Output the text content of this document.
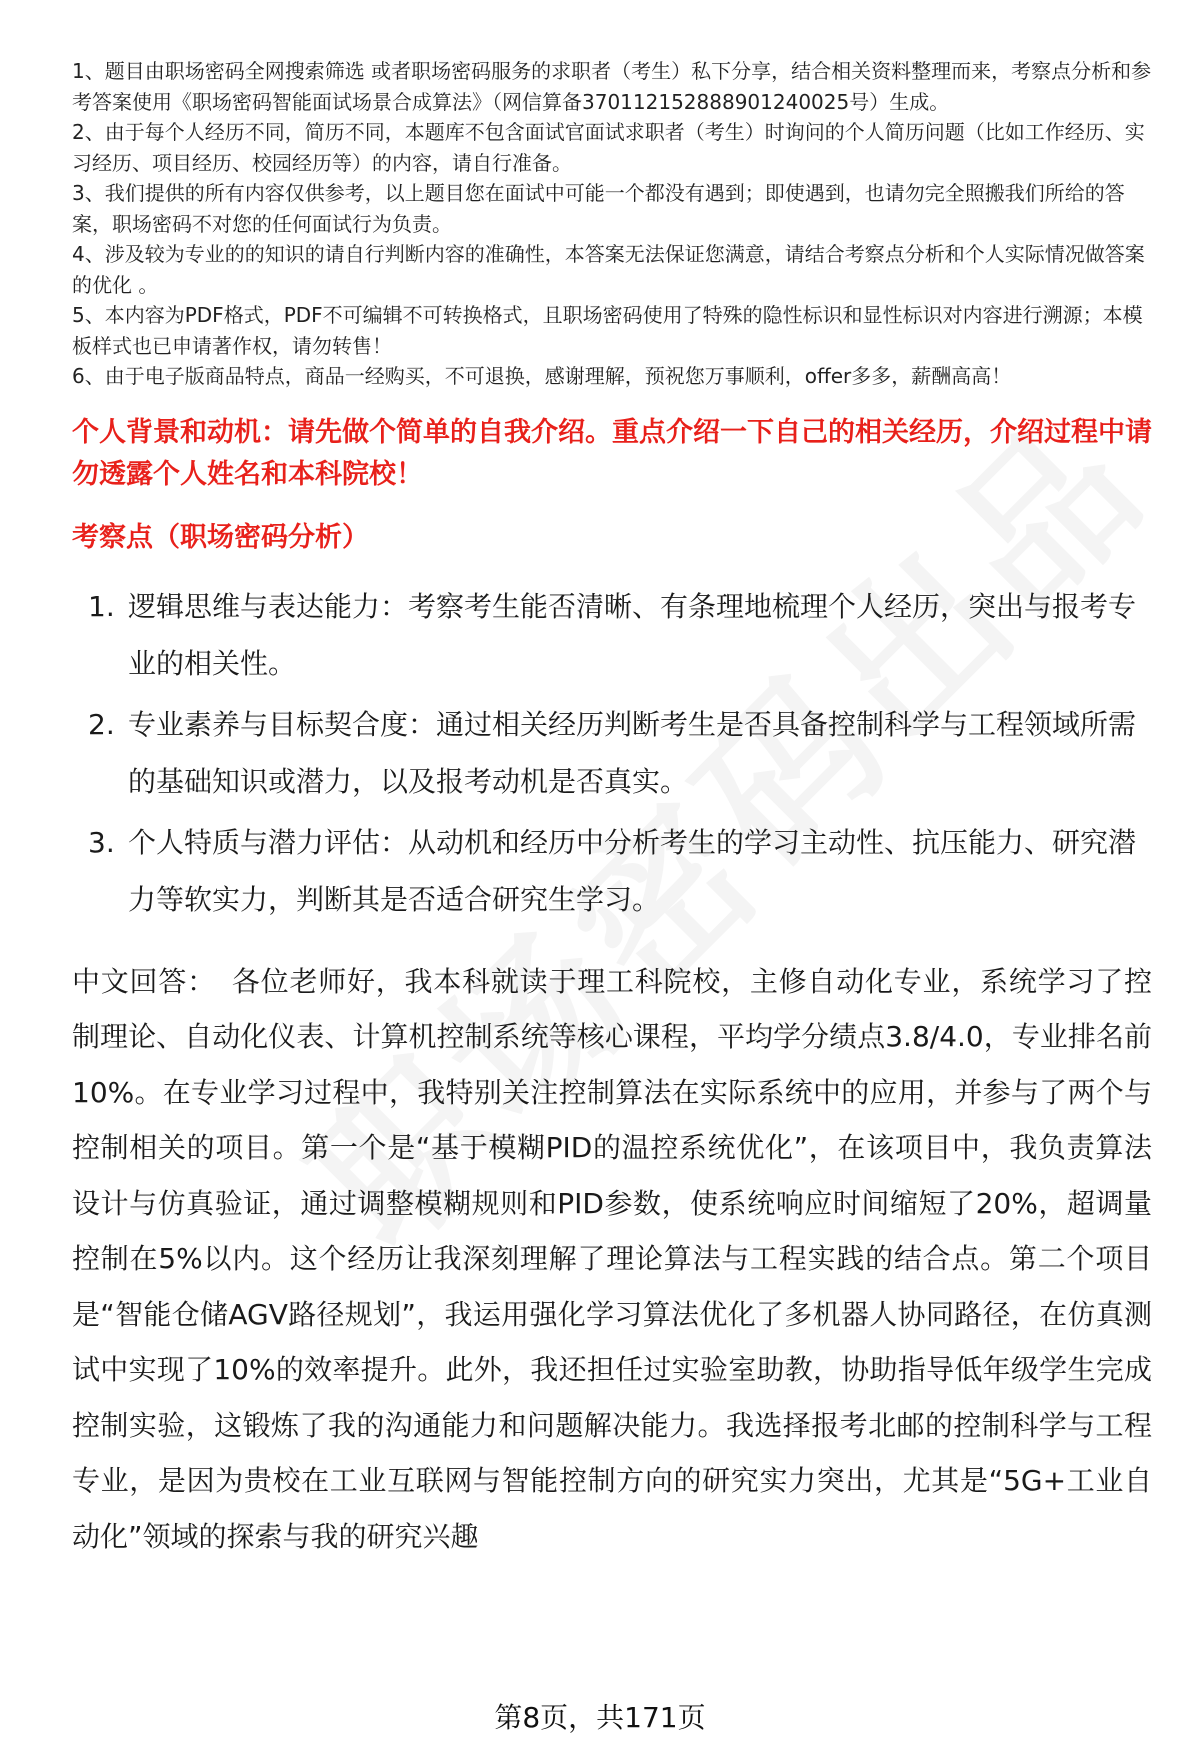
1、题目由职场密码全网搜索筛选 或者职场密码服务的求职者（考生）私下分享，结合相关资料整理而来，考察点分析和参考答案使用《职场密码智能面试场景合成算法》（网信算备370112152888901240025号）生成。
2、由于每个人经历不同，简历不同，本题库不包含面试官面试求职者（考生）时询问的个人简历问题（比如工作经历、实习经历、项目经历、校园经历等）的内容，请自行准备。
3、我们提供的所有内容仅供参考，以上题目您在面试中可能一个都没有遇到；即使遇到，也请勿完全照搬我们所给的答案，职场密码不对您的任何面试行为负责。
4、涉及较为专业的的知识的请自行判断内容的准确性，本答案无法保证您满意，请结合考察点分析和个人实际情况做答案的优化 。
5、本内容为PDF格式，PDF不可编辑不可转换格式，且职场密码使用了特殊的隐性标识和显性标识对内容进行溯源；本模板样式也已申请著作权，请勿转售！
6、由于电子版商品特点，商品一经购买，不可退换，感谢理解，预祝您万事顺利，offer多多，薪酬高高！
个人背景和动机：请先做个简单的自我介绍。重点介绍一下自己的相关经历，介绍过程中请勿透露个人姓名和本科院校！
考察点（职场密码分析）
1. 逻辑思维与表达能力：考察考生能否清晰、有条理地梳理个人经历，突出与报考专业的相关性。
2. 专业素养与目标契合度：通过相关经历判断考生是否具备控制科学与工程领域所需的基础知识或潜力，以及报考动机是否真实。
3. 个人特质与潜力评估：从动机和经历中分析考生的学习主动性、抗压能力、研究潜力等软实力，判断其是否适合研究生学习。
中文回答： 各位老师好，我本科就读于理工科院校，主修自动化专业，系统学习了控制理论、自动化仪表、计算机控制系统等核心课程，平均学分绩点3.8/4.0，专业排名前10%。在专业学习过程中，我特别关注控制算法在实际系统中的应用，并参与了两个与控制相关的项目。第一个是“基于模糊PID的温控系统优化”，在该项目中，我负责算法设计与仿真验证，通过调整模糊规则和PID参数，使系统响应时间缩短了20%，超调量控制在5%以内。这个经历让我深刻理解了理论算法与工程实践的结合点。第二个项目是“智能仓储AGV路径规划”，我运用强化学习算法优化了多机器人协同路径，在仿真测试中实现了10%的效率提升。此外，我还担任过实验室助教，协助指导低年级学生完成控制实验，这锻炼了我的沟通能力和问题解决能力。我选择报考北邮的控制科学与工程专业，是因为贵校在工业互联网与智能控制方向的研究实力突出，尤其是“5G+工业自动化”领域的探索与我的研究兴趣
第8页，共171页
